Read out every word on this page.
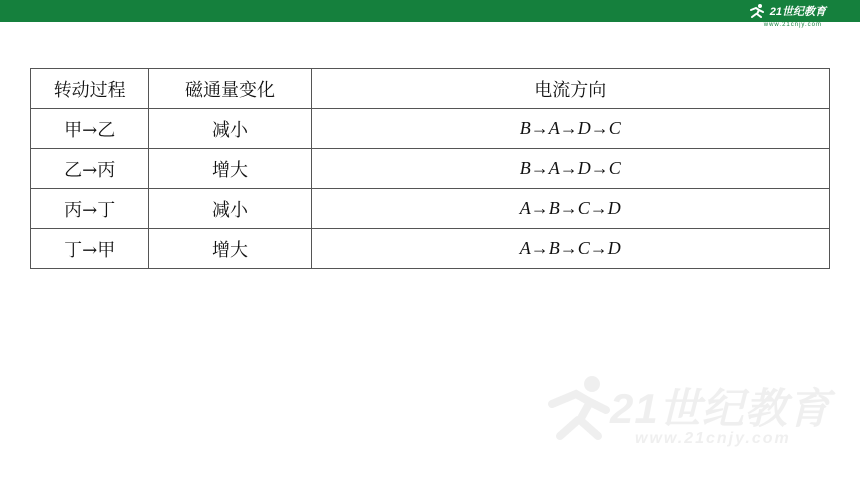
21世纪教育
www.21cnjy.com
转动过程	磁通量变化	电流方向
甲→乙	减小	B→A→D→C
乙→丙	增大	B→A→D→C
丙→丁	减小	A→B→C→D
丁→甲	增大	A→B→C→D
21世纪教育
www.21cnjy.com
